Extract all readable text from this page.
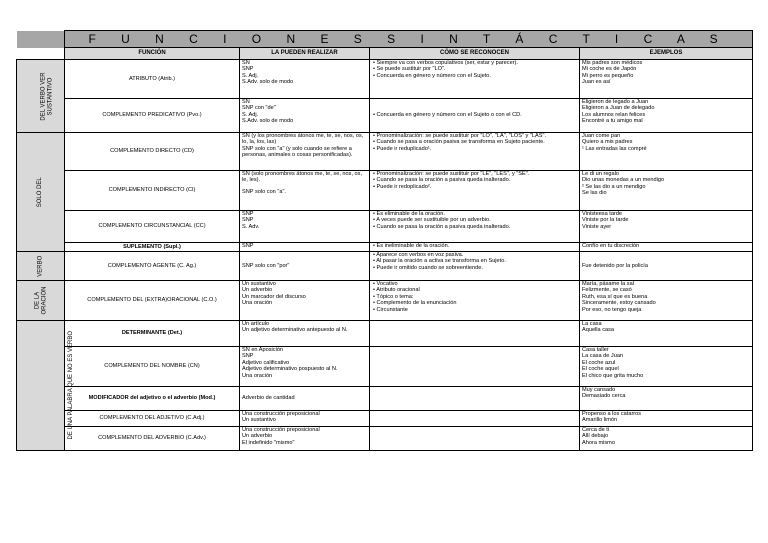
	F U N C I O N E S S I N T Á C T I C A S			
	FUNCIÓN	LA PUEDEN REALIZAR	CÓMO SE RECONOCEN	EJEMPLOS
DEL VERBO VER SUSTANTIVO	ATRIBUTO (Atrib.)	SN
SNP
S. Adj.
S.Adv. solo de modo	• Siempre va con verbos copulativos (ser, estar y parecer).
• Se puede sustituir por "LO".
• Concuerda en género y número con el Sujeto.	Mis padres son médicos
Mi coche es de Japón
Mi perro es pequeño
Juan es así

	COMPLEMENTO PREDICATIVO (Pvo.)	SN
SNP con "de"
S. Adj.
S.Adv. solo de modo	• Concuerda en género y número con el Sujeto o con el CD.	Eligieron de legado a Juan
Eligieron a Juan de delegado
Los alumnos relan felices
Encontré a tu amigo mal

SOLO DEL	COMPLEMENTO DIRECTO (CD)	SN (y los pronombres átonos me, te, se, nos, os, lo, la, los, las)
SNP solo con "a" (y solo cuando se refiere a personas, animales o cosas personificadas).	• Pronominalización: se puede sustituir por "LO", "LA", "LOS" y "LAS".
• Cuando se pasa a oración pasiva se transforma en Sujeto paciente.
• Puede ir reduplicado¹.	Juan come pan
Quiero a mis padres
¹ Las entradas las compré

	COMPLEMENTO INDIRECTO (CI)	SN (solo pronombres átonos me, te, se, nos, os, le, les).
SNP solo con "a".	• Pronominalización: se puede sustituir por "LE", "LES", y "SE".
• Cuando se pasa la oración a pasiva queda inalterado.
• Puede ir redoplicado².	Le di un regalo
Dio unas monedas a un mendigo
² Se las dio a un mendigo
Se las dio

	COMPLEMENTO CIRCUNSTANCIAL (CC)	SNP
SNP
S. Adv.	• Es eliminable de la oración.
• A veces puede ser sustituible por un adverbio.
• Cuando se pasa la oración a pasiva queda inalterado.	Vinisteesa tarde
Viniste por la tarde
Viniste ayer

	SUPLEMENTO (Supl.)	SNP	• Es ineliminable de la oración.	Confío en tu discreción

VERBO	COMPLEMENTO AGENTE (C. Ag.)	SNP solo con "por"	• Aparece con verbos en voz pasiva.
• Al pasar la oración a activa se transforma en Sujeto.
• Puede ir omitido cuando se sobreentiende.	Fue detenido por la policía

DE LA ORACIÓN	COMPLEMENTO DEL (EXTRA)ORACIONAL (C.O.)	Un sustantivo
Un adverbio
Un marcador del discurso
Una oración	• Vocativo
• Atributo oracional
• Tópico o tema:
• Complemento de la enunciación
• Circunstante	María, pásame la sal
Felizmente, se casó
Ruth, esa sí que es buena
Sinceramente, estoy cansado
Por eso, no tengo queja

DE UNA PALABRA QUE NO ES VERBO	DETERMINANTE (Det.)	Un artículo
Un adjetivo determinativo antepuesto al N.		La casa
Aquella casa

	COMPLEMENTO DEL NOMBRE (CN)	SN en Aposición
SNP
Adjetivo calificativo
Adjetivo determinativo pospuesto al N.
Una oración		Casa taller
La casa de Juan
El coche azul
El coche aquel
El chico que grita mucho

	MODIFICADOR del adjetivo o el adverbio (Mod.)	Adverbio de cantidad		Muy cansado
Demasiado cerca

	COMPLEMENTO DEL ADJETIVO (C.Adj.)	Una construcción preposicional
Un sustantivo		Propenso a los catarros
Amarillo limón

	COMPLEMENTO DEL ADVERBIO (C.Adv.)	Una construcción preposicional
Un adverbio
El indefinido "mismo"		Cerca de ti
Allí debajo
Ahora mismo
